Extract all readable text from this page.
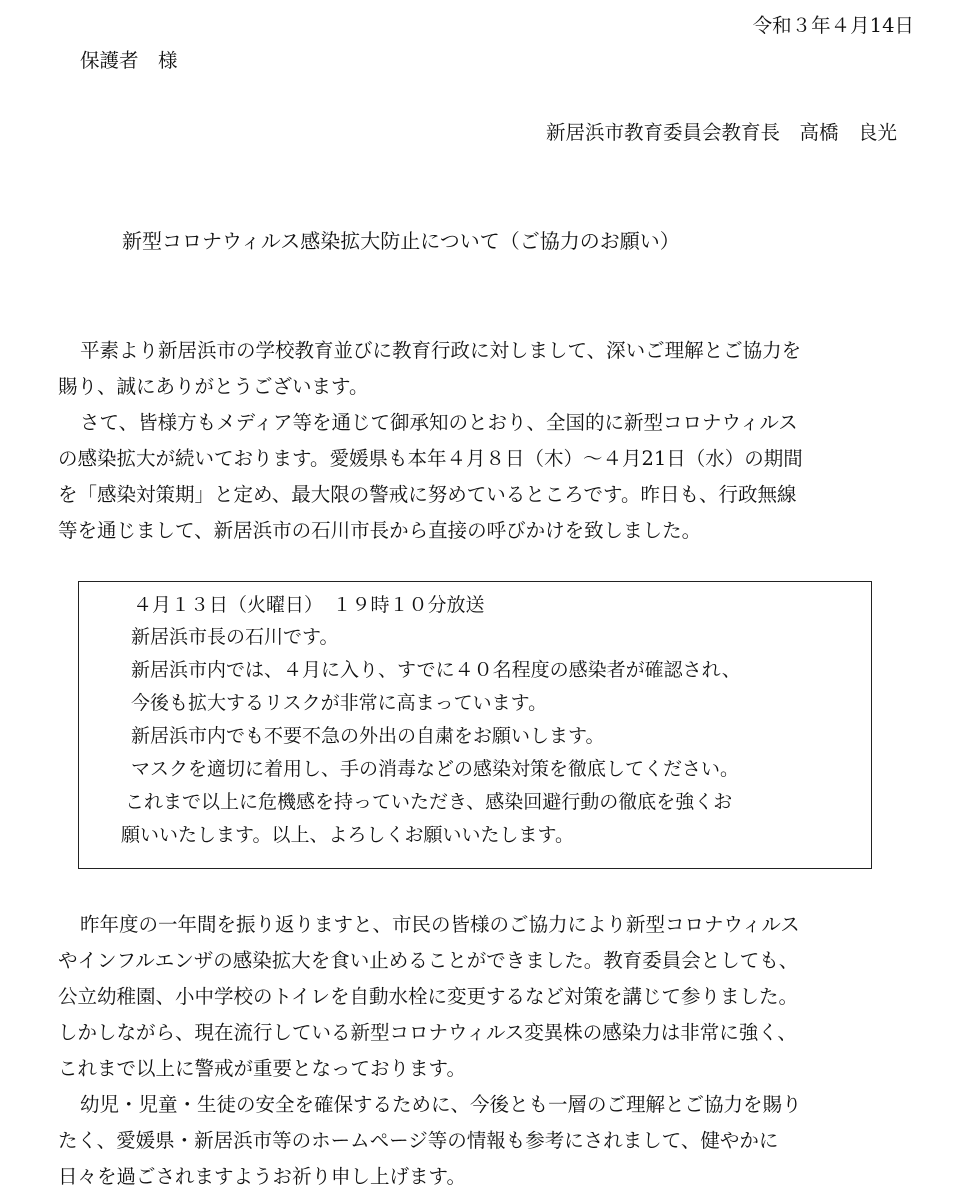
令和３年４月14日

保護者　様

新居浜市教育委員会教育長　高橋　良光

新型コロナウィルス感染拡大防止について（ご協力のお願い）

平素より新居浜市の学校教育並びに教育行政に対しまして、深いご理解とご協力を

賜り、誠にありがとうございます。

さて、皆様方もメディア等を通じて御承知のとおり、全国的に新型コロナウィルス

の感染拡大が続いております。愛媛県も本年４月８日（木）～４月21日（水）の期間

を「感染対策期」と定め、最大限の警戒に努めているところです。昨日も、行政無線

等を通じまして、新居浜市の石川市長から直接の呼びかけを致しました。

４月１３日（火曜日）　１９時１０分放送
新居浜市長の石川です。
新居浜市内では、４月に入り、すでに４０名程度の感染者が確認され、
今後も拡大するリスクが非常に高まっています。
新居浜市内でも不要不急の外出の自粛をお願いします。
マスクを適切に着用し、手の消毒などの感染対策を徹底してください。
これまで以上に危機感を持っていただき、感染回避行動の徹底を強くお
願いいたします。以上、よろしくお願いいたします。

昨年度の一年間を振り返りますと、市民の皆様のご協力により新型コロナウィルス

やインフルエンザの感染拡大を食い止めることができました。教育委員会としても、

公立幼稚園、小中学校のトイレを自動水栓に変更するなど対策を講じて参りました。

しかしながら、現在流行している新型コロナウィルス変異株の感染力は非常に強く、

これまで以上に警戒が重要となっております。

幼児・児童・生徒の安全を確保するために、今後とも一層のご理解とご協力を賜り

たく、愛媛県・新居浜市等のホームページ等の情報も参考にされまして、健やかに

日々を過ごされますようお祈り申し上げます。
